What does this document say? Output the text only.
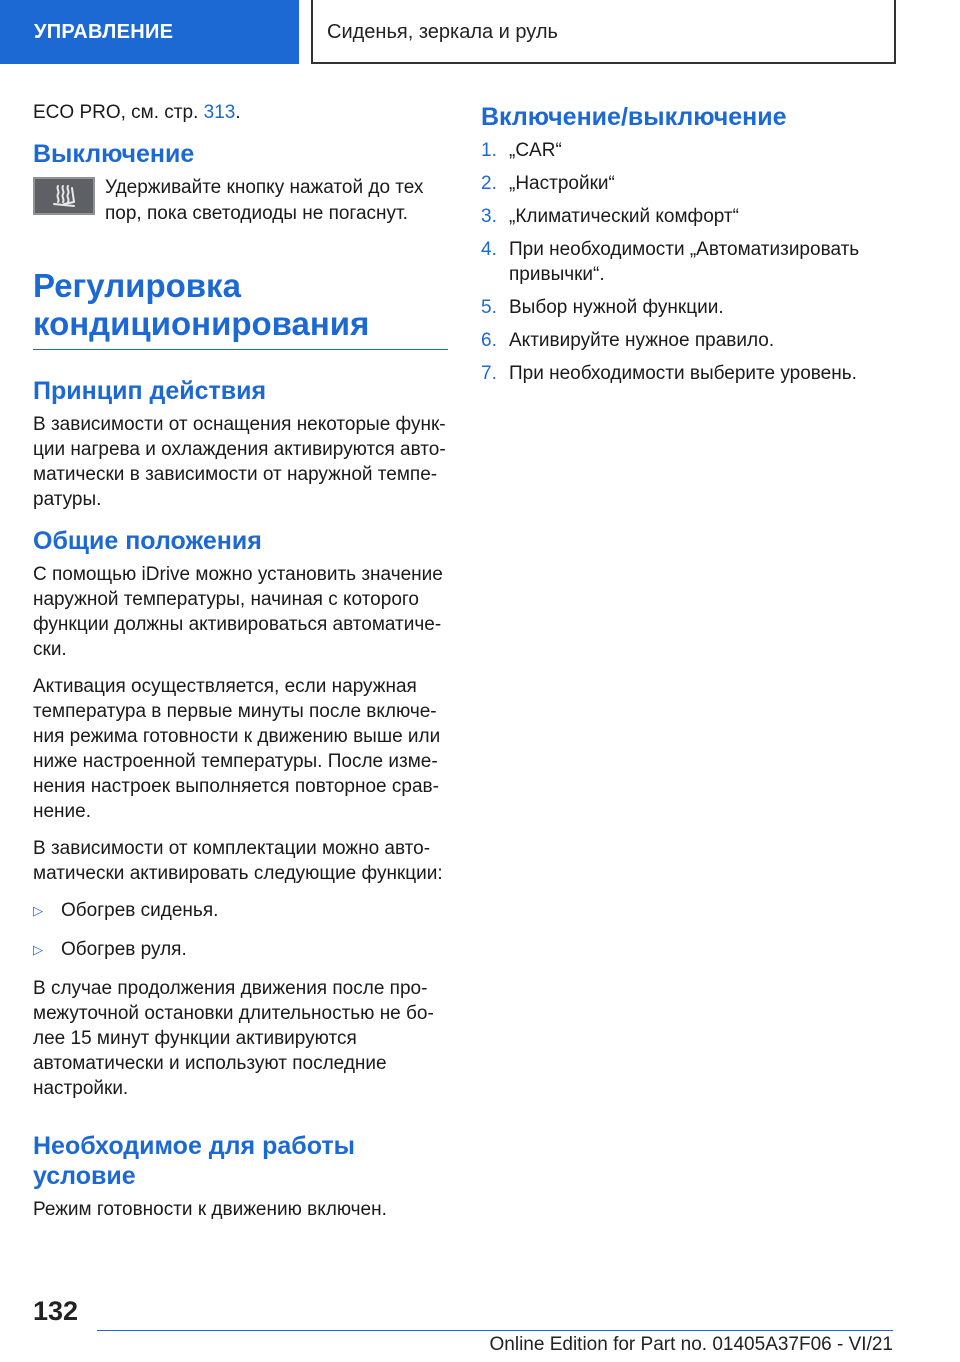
УПРАВЛЕНИЕ	Сиденья, зеркала и руль

ECO PRO, см. стр. 313.

Выключение
Удерживайте кнопку нажатой до тех пор, пока светодиоды не погаснут.
Регулировка кондиционирования
Принцип действия

В зависимости от оснащения некоторые функции нагрева и охлаждения активируются автоматически в зависимости от наружной температуры.

Общие положения

С помощью iDrive можно установить значение наружной температуры, начиная с которого функции должны активироваться автоматически.

Активация осуществляется, если наружная температура в первые минуты после включения режима готовности к движению выше или ниже настроенной температуры. После изменения настроек выполняется повторное сравнение.

В зависимости от комплектации можно автоматически активировать следующие функции:

▷ Обогрев сиденья.
▷ Обогрев руля.

В случае продолжения движения после промежуточной остановки длительностью не более 15 минут функции активируются автоматически и используют последние настройки.

Необходимое для работы условие

Режим готовности к движению включен.

Включение/выключение
1. „CAR“
2. „Настройки“
3. „Климатический комфорт“
4. При необходимости „Автоматизировать привычки“.
5. Выбор нужной функции.
6. Активируйте нужное правило.
7. При необходимости выберите уровень.
132
Online Edition for Part no. 01405A37F06 - VI/21
